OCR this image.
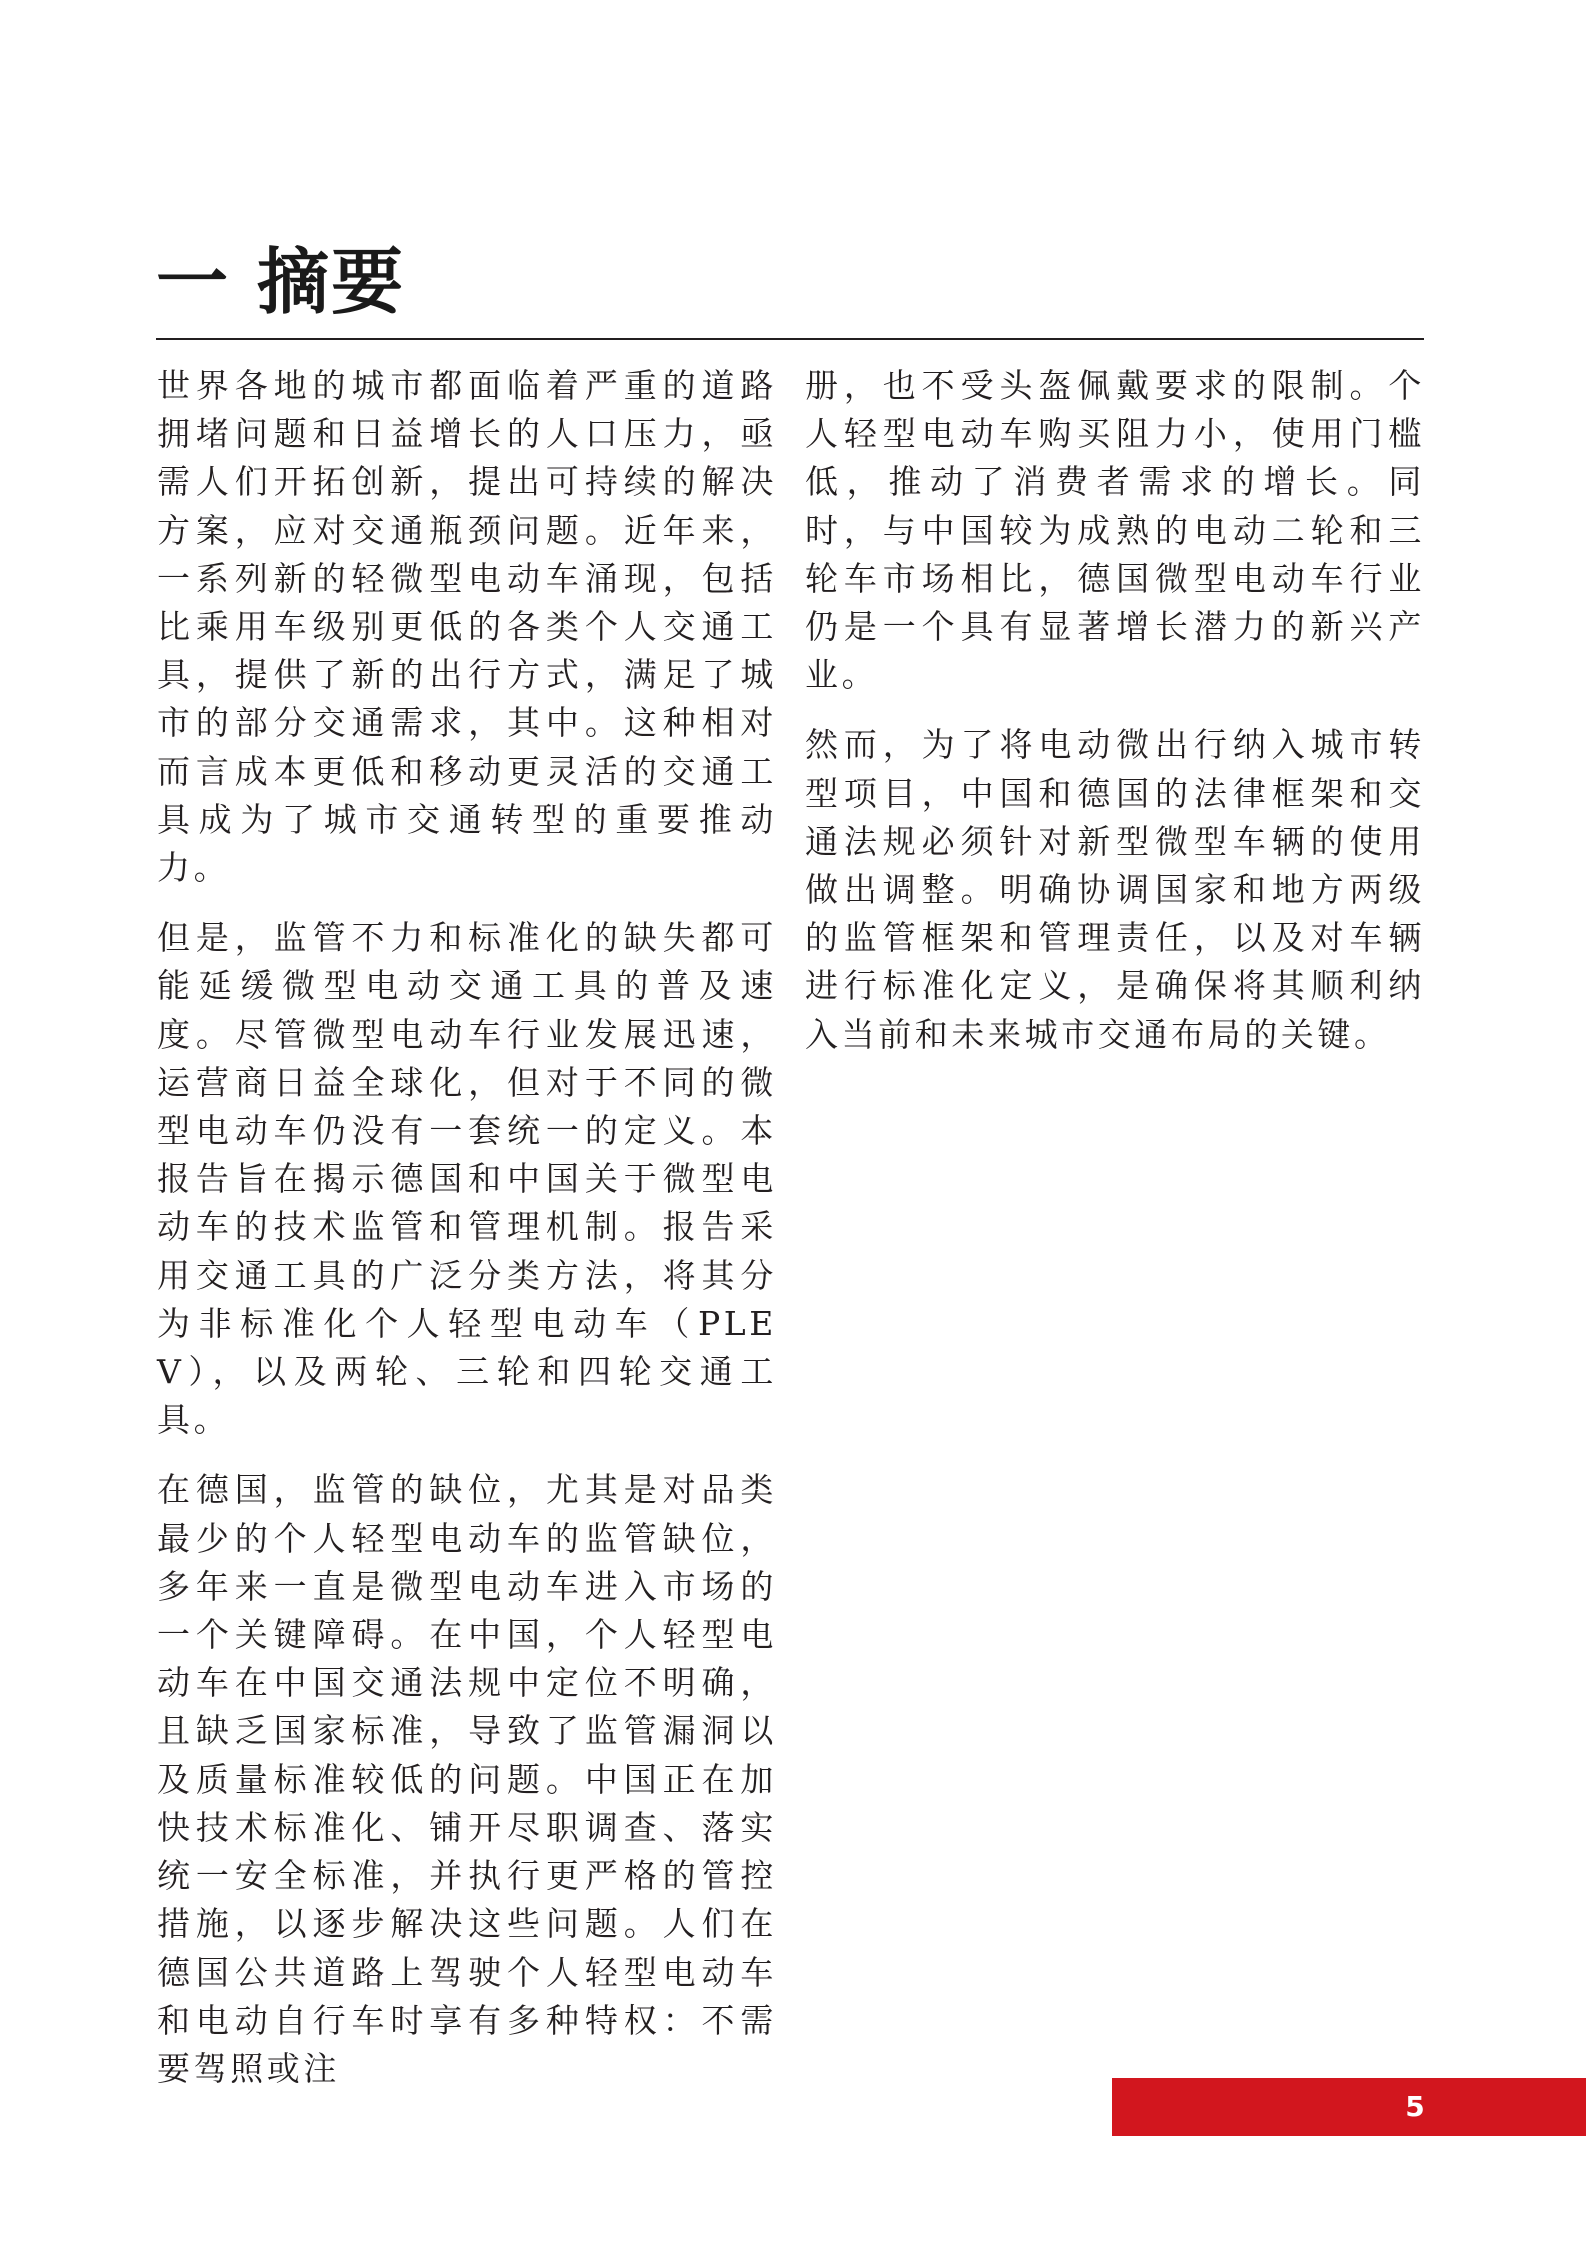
一 摘要

世界各地的城市都面临着严重的道路拥堵问题和日益增长的人口压力，亟需人们开拓创新，提出可持续的解决方案，应对交通瓶颈问题。近年来，一系列新的轻微型电动车涌现，包括比乘用车级别更低的各类个人交通工具，提供了新的出行方式，满足了城市的部分交通需求，其中。这种相对而言成本更低和移动更灵活的交通工具成为了城市交通转型的重要推动力。

但是，监管不力和标准化的缺失都可能延缓微型电动交通工具的普及速度。尽管微型电动车行业发展迅速，运营商日益全球化，但对于不同的微型电动车仍没有一套统一的定义。本报告旨在揭示德国和中国关于微型电动车的技术监管和管理机制。报告采用交通工具的广泛分类方法，将其分为非标准化个人轻型电动车（PLEV），以及两轮、三轮和四轮交通工具。

在德国，监管的缺位，尤其是对品类最少的个人轻型电动车的监管缺位，多年来一直是微型电动车进入市场的一个关键障碍。在中国，个人轻型电动车在中国交通法规中定位不明确，且缺乏国家标准，导致了监管漏洞以及质量标准较低的问题。中国正在加快技术标准化、铺开尽职调查、落实统一安全标准，并执行更严格的管控措施，以逐步解决这些问题。人们在德国公共道路上驾驶个人轻型电动车和电动自行车时享有多种特权：不需要驾照或注

册，也不受头盔佩戴要求的限制。个人轻型电动车购买阻力小，使用门槛低，推动了消费者需求的增长。同时，与中国较为成熟的电动二轮和三轮车市场相比，德国微型电动车行业仍是一个具有显著增长潜力的新兴产业。

然而，为了将电动微出行纳入城市转型项目，中国和德国的法律框架和交通法规必须针对新型微型车辆的使用做出调整。明确协调国家和地方两级的监管框架和管理责任，以及对车辆进行标准化定义，是确保将其顺利纳入当前和未来城市交通布局的关键。

5
